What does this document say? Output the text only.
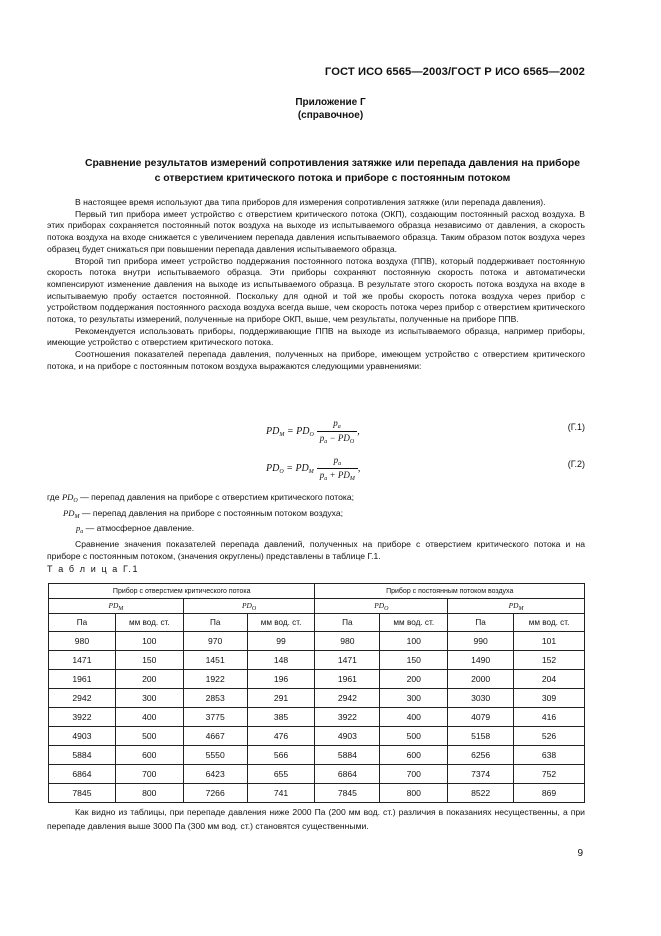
ГОСТ ИСО 6565—2003/ГОСТ Р ИСО 6565—2002
Приложение Г
(справочное)
Сравнение результатов измерений сопротивления затяжке или перепада давления на приборе
с отверстием критического потока и приборе с постоянным потоком

В настоящее время используют два типа приборов для измерения сопротивления затяжке (или перепада давления).

Первый тип прибора имеет устройство с отверстием критического потока (ОКП), создающим постоянный расход воздуха. В этих приборах сохраняется постоянный поток воздуха на выходе из испытываемого образца независимо от давления, а скорость потока воздуха на входе снижается с увеличением перепада давления испытываемого образца. Таким образом поток воздуха через образец будет снижаться при повышении перепада давления испытываемого образца.

Второй тип прибора имеет устройство поддержания постоянного потока воздуха (ППВ), который поддерживает постоянную скорость потока внутри испытываемого образца. Эти приборы сохраняют постоянную скорость потока и автоматически компенсируют изменение давления на выходе из испытываемого образца. В результате этого скорость потока воздуха на входе в испытываемую пробу остается постоянной. Поскольку для одной и той же пробы скорость потока воздуха через прибор с устройством поддержания постоянного расхода воздуха всегда выше, чем скорость потока через прибор с отверстием критического потока, то результаты измерений, полученные на приборе ОКП, выше, чем результаты, полученные на приборе ППВ.

Рекомендуется использовать приборы, поддерживающие ППВ на выходе из испытываемого образца, например приборы, имеющие устройство с отверстием критического потока.

Соотношения показателей перепада давления, полученных на приборе, имеющем устройство с отверстием критического потока, и на приборе с постоянным потоком воздуха выражаются следующими уравнениями:

$PD_M = PD_O \frac{p_a}{p_a - PD_O}$ ,	(Г.1)
$PD_O = PD_M \frac{p_a}{p_a + PD_M}$ ,	(Г.2)

где $PD_O$ — перепад давления на приборе с отверстием критического потока;

$PD_M$ — перепад давления на приборе с постоянным потоком воздуха;

$p_a$ — атмосферное давление.

Сравнение значения показателей перепада давлений, полученных на приборе с отверстием критического потока и на приборе с постоянным потоком, (значения округлены) представлены в таблице Г.1.

Т а б л и ц а Г.1
Прибор с отверстием критического потока				Прибор с постоянным потоком воздуха			
$PD_M$		$PD_O$		$PD_O$		$PD_M$
Па	мм вод. ст.	Па	мм вод. ст.	Па	мм вод. ст.	Па	мм вод. ст.
980	100	970	99	980	100	990	101
1471	150	1451	148	1471	150	1490	152
1961	200	1922	196	1961	200	2000	204
2942	300	2853	291	2942	300	3030	309
3922	400	3775	385	3922	400	4079	416
4903	500	4667	476	4903	500	5158	526
5884	600	5550	566	5884	600	6256	638
6864	700	6423	655	6864	700	7374	752
7845	800	7266	741	7845	800	8522	869

Как видно из таблицы, при перепаде давления ниже 2000 Па (200 мм вод. ст.) различия в показаниях несущественны, а при перепаде давления выше 3000 Па (300 мм вод. ст.) становятся существенными.

9
